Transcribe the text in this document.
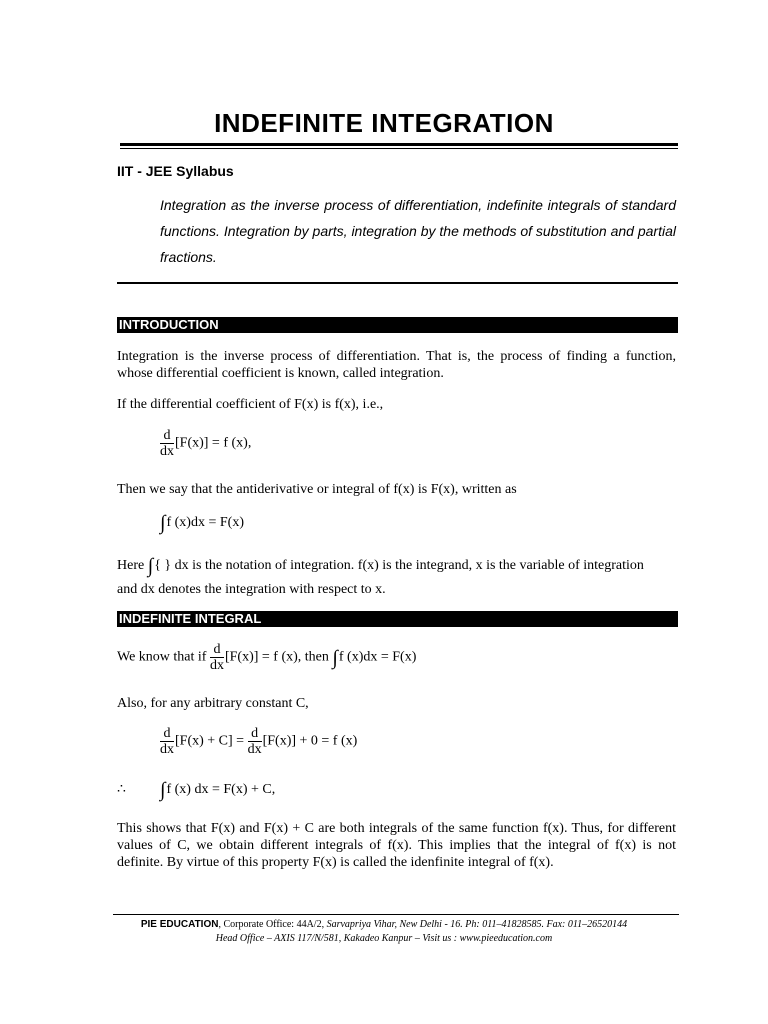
INDEFINITE INTEGRATION
IIT - JEE Syllabus
Integration as the inverse process of differentiation, indefinite integrals of standard functions. Integration by parts, integration by the methods of substitution and partial fractions.
INTRODUCTION
Integration is the inverse process of differentiation. That is, the process of finding a function, whose differential coefficient is known, called integration.
If the differential coefficient of F(x) is f(x), i.e.,
$\frac{d}{dx} [F(x)] = f$ (x),
Then we say that the antiderivative or integral of f(x) is F(x), written as
∫f (x)dx = F(x)
Here ∫{ } dx is the notation of integration. f(x) is the integrand, x is the variable of integration
and dx denotes the integration with respect to x.
INDEFINITE INTEGRAL
We know that if $\frac{d}{dx} [F(x)] = f$ (x), then ∫f (x)dx = F(x)
Also, for any arbitrary constant C,
$\frac{d}{dx} [F(x) + C] = \frac{d}{dx} [F(x)] + 0 = f$ (x)
∴ ∫f (x) dx = F(x) + C,
This shows that F(x) and F(x) + C are both integrals of the same function f(x). Thus, for different values of C, we obtain different integrals of f(x). This implies that the integral of f(x) is not definite. By virtue of this property F(x) is called the idenfinite integral of f(x).
PIE EDUCATION, Corporate Office: 44A/2, Sarvapriya Vihar, New Delhi - 16. Ph: 011–41828585. Fax: 011–26520144
Head Office – AXIS 117/N/581, Kakadeo Kanpur – Visit us : www.pieeducation.com
